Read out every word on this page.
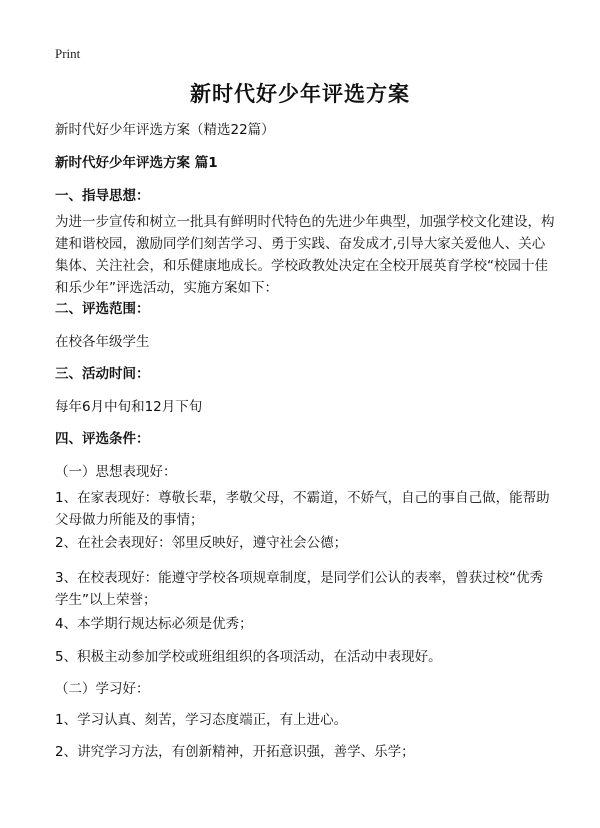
Print
新时代好少年评选方案
新时代好少年评选方案（精选22篇）
新时代好少年评选方案 篇1
一、指导思想：
为进一步宣传和树立一批具有鲜明时代特色的先进少年典型，加强学校文化建设，构建和谐校园，激励同学们刻苦学习、勇于实践、奋发成才,引导大家关爱他人、关心集体、关注社会，和乐健康地成长。学校政教处决定在全校开展英育学校“校园十佳和乐少年”评选活动，实施方案如下：
二、评选范围：
在校各年级学生
三、活动时间：
每年6月中旬和12月下旬
四、评选条件：
（一）思想表现好：
1、在家表现好：尊敬长辈，孝敬父母，不霸道，不娇气，自己的事自己做，能帮助父母做力所能及的事情；
2、在社会表现好：邻里反映好，遵守社会公德；
3、在校表现好：能遵守学校各项规章制度，是同学们公认的表率，曾获过校“优秀学生”以上荣誉；
4、本学期行规达标必须是优秀；
5、积极主动参加学校或班组组织的各项活动，在活动中表现好。
（二）学习好：
1、学习认真、刻苦，学习态度端正，有上进心。
2、讲究学习方法，有创新精神，开拓意识强，善学、乐学；
